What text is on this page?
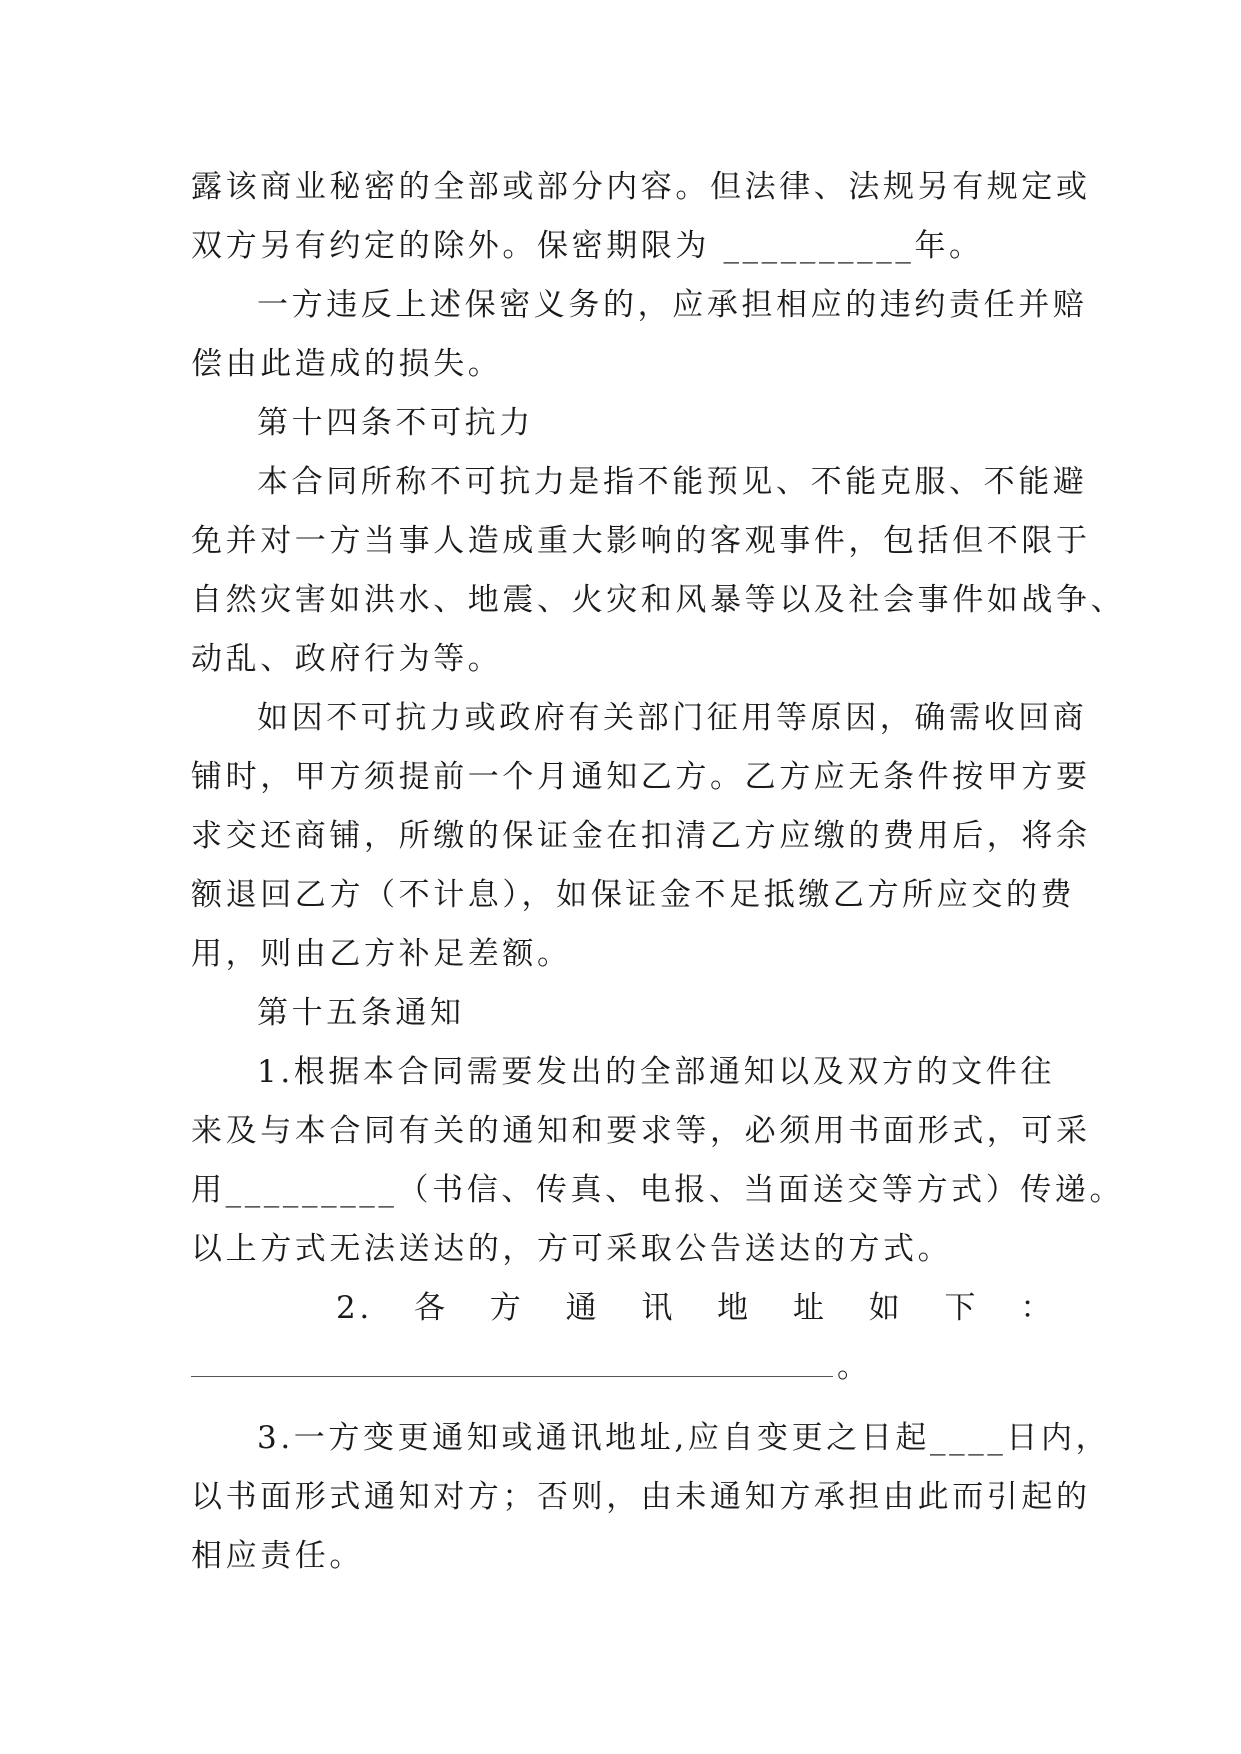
露该商业秘密的全部或部分内容。但法律、法规另有规定或
双方另有约定的除外。保密期限为 __________年。
一方违反上述保密义务的，应承担相应的违约责任并赔
偿由此造成的损失。
第十四条不可抗力
本合同所称不可抗力是指不能预见、不能克服、不能避
免并对一方当事人造成重大影响的客观事件，包括但不限于
自然灾害如洪水、地震、火灾和风暴等以及社会事件如战争、
动乱、政府行为等。
如因不可抗力或政府有关部门征用等原因，确需收回商
铺时，甲方须提前一个月通知乙方。乙方应无条件按甲方要
求交还商铺，所缴的保证金在扣清乙方应缴的费用后，将余
额退回乙方（不计息），如保证金不足抵缴乙方所应交的费
用，则由乙方补足差额。
第十五条通知
1.根据本合同需要发出的全部通知以及双方的文件往
来及与本合同有关的通知和要求等，必须用书面形式，可采
用_________（书信、传真、电报、当面送交等方式）传递。
以上方式无法送达的，方可采取公告送达的方式。
2. 各 方 通 讯 地 址 如 下 ：
。
3.一方变更通知或通讯地址,应自变更之日起____日内，
以书面形式通知对方；否则，由未通知方承担由此而引起的
相应责任。
